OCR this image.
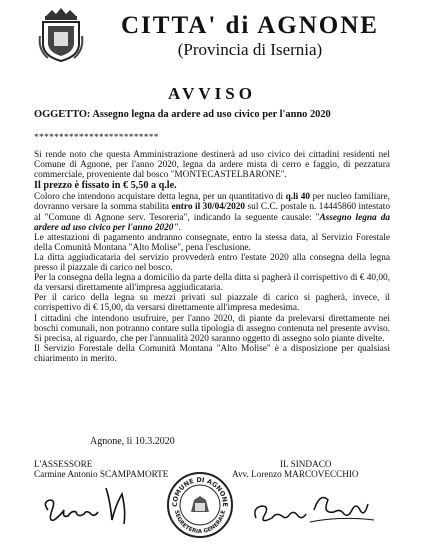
CITTA' di AGNONE
(Provincia di Isernia)
AVVISO
OGGETTO: Assegno legna da ardere ad uso civico per l'anno 2020
*************************

Si rende noto che questa Amministrazione destinerà ad uso civico dei cittadini residenti nel Comune di Agnone, per l'anno 2020, legna da ardere mista di cerro e faggio, di pezzatura commerciale, proveniente dal bosco "MONTECASTELBARONE".

Il prezzo è fissato in € 5,50 a q.le.

Coloro che intendono acquistare detta legna, per un quantitativo di q.li 40 per nucleo familiare, dovranno versare la somma stabilita entro il 30/04/2020 sul C.C. postale n. 14445860 intestato al "Comune di Agnone serv. Tesoreria", indicando la seguente causale: "Assegno legna da ardere ad uso civico per l'anno 2020".

Le attestazioni di pagamento andranno consegnate, entro la stessa data, al Servizio Forestale della Comunità Montana "Alto Molise", pena l'esclusione.

La ditta aggiudicataria del servizio provvederà entro l'estate 2020 alla consegna della legna presso il piazzale di carico nel bosco.

Per la consegna della legna a domicilio da parte della ditta si pagherà il corrispettivo di € 40,00, da versarsi direttamente all'impresa aggiudicataria.

Per il carico della legna su mezzi privati sul piazzale di carico si pagherà, invece, il corrispettivo di € 15,00, da versarsi direttamente all'impresa medesima.

I cittadini che intendono usufruire, per l'anno 2020, di piante da prelevarsi direttamente nei boschi comunali, non potranno contare sulla tipologia di assegno contenuta nel presente avviso. Si precisa, al riguardo, che per l'annualità 2020 saranno oggetto di assegno solo piante divelte.

Il Servizio Forestale della Comunità Montana "Alto Molise" è a disposizione per qualsiasi chiarimento in merito.

Agnone, li 10.3.2020
L'ASSESSORE
Carmine Antonio SCAMPAMORTE
IL SINDACO
Avv. Lorenzo MARCOVECCHIO
COMUNE DI AGNONE
SEGRETERIA GENERALE
